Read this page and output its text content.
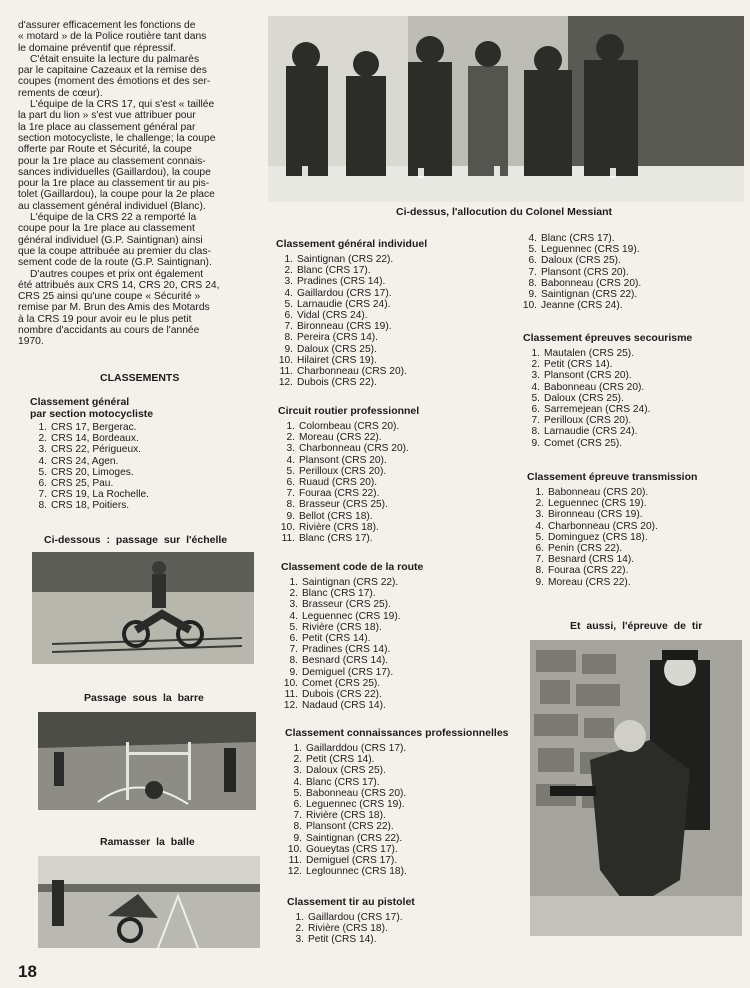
d'assurer efficacement les fonctions de
« motard » de la Police routière tant dans
le domaine préventif que répressif.

C'était ensuite la lecture du palmarès
par le capitaine Cazeaux et la remise des
coupes (moment des émotions et des ser-
rements de cœur).

L'équipe de la CRS 17, qui s'est « taillée
la part du lion » s'est vue attribuer pour
la 1re place au classement général par
section motocycliste, le challenge; la coupe
offerte par Route et Sécurité, la coupe
pour la 1re place au classement connais-
sances individuelles (Gaillardou), la coupe
pour la 1re place au classement tir au pis-
tolet (Gaillardou), la coupe pour la 2e place
au classement général individuel (Blanc).

L'équipe de la CRS 22 a remporté la
coupe pour la 1re place au classement
général individuel (G.P. Saintignan) ainsi
que la coupe attribuée au premier du clas-
sement code de la route (G.P. Saintignan).

D'autres coupes et prix ont également
été attribués aux CRS 14, CRS 20, CRS 24,
CRS 25 ainsi qu'une coupe « Sécurité »
remise par M. Brun des Amis des Motards
à la CRS 19 pour avoir eu le plus petit
nombre d'accidants au cours de l'année
1970.

CLASSEMENTS

Classement général
par section motocycliste

1. CRS 17, Bergerac.
2. CRS 14, Bordeaux.
3. CRS 22, Périgueux.
4. CRS 24, Agen.
5. CRS 20, Limoges.
6. CRS 25, Pau.
7. CRS 19, La Rochelle.
8. CRS 18, Poitiers.
Ci-dessous : passage sur l'échelle
Passage sous la barre
Ramasser la balle
18
Ci-dessus, l'allocution du Colonel Messiant

Classement général individuel

1. Saintignan (CRS 22).
2. Blanc (CRS 17).
3. Pradines (CRS 14).
4. Gaillardou (CRS 17).
5. Larnaudie (CRS 24).
6. Vidal (CRS 24).
7. Bironneau (CRS 19).
8. Pereira (CRS 14).
9. Daloux (CRS 25).
10. Hilairet (CRS 19).
11. Charbonneau (CRS 20).
12. Dubois (CRS 22).

Circuit routier professionnel

1. Colombeau (CRS 20).
2. Moreau (CRS 22).
3. Charbonneau (CRS 20).
4. Plansont (CRS 20).
5. Perilloux (CRS 20).
6. Ruaud (CRS 20).
7. Fouraa (CRS 22).
8. Brasseur (CRS 25).
9. Bellot (CRS 18).
10. Rivière (CRS 18).
11. Blanc (CRS 17).

Classement code de la route

1. Saintignan (CRS 22).
2. Blanc (CRS 17).
3. Brasseur (CRS 25).
4. Leguennec (CRS 19).
5. Rivière (CRS 18).
6. Petit (CRS 14).
7. Pradines (CRS 14).
8. Besnard (CRS 14).
9. Demiguel (CRS 17).
10. Comet (CRS 25).
11. Dubois (CRS 22).
12. Nadaud (CRS 14).

Classement connaissances professionnelles

1. Gaillarddou (CRS 17).
2. Petit (CRS 14).
3. Daloux (CRS 25).
4. Blanc (CRS 17).
5. Babonneau (CRS 20).
6. Leguennec (CRS 19).
7. Rivière (CRS 18).
8. Plansont (CRS 22).
9. Saintignan (CRS 22).
10. Goueytas (CRS 17).
11. Demiguel (CRS 17).
12. Leglounnec (CRS 18).

Classement tir au pistolet

1. Gaillardou (CRS 17).
2. Rivière (CRS 18).
3. Petit (CRS 14).
4. Blanc (CRS 17).
5. Leguennec (CRS 19).
6. Daloux (CRS 25).
7. Plansont (CRS 20).
8. Babonneau (CRS 20).
9. Saintignan (CRS 22).
10. Jeanne (CRS 24).

Classement épreuves secourisme

1. Mautalen (CRS 25).
2. Petit (CRS 14).
3. Plansont (CRS 20).
4. Babonneau (CRS 20).
5. Daloux (CRS 25).
6. Sarremejean (CRS 24).
7. Perilloux (CRS 20).
8. Larnaudie (CRS 24).
9. Comet (CRS 25).

Classement épreuve transmission

1. Babonneau (CRS 20).
2. Leguennec (CRS 19).
3. Bironneau (CRS 19).
4. Charbonneau (CRS 20).
5. Dominguez (CRS 18).
6. Penin (CRS 22).
7. Besnard (CRS 14).
8. Fouraa (CRS 22).
9. Moreau (CRS 22).
Et aussi, l'épreuve de tir
